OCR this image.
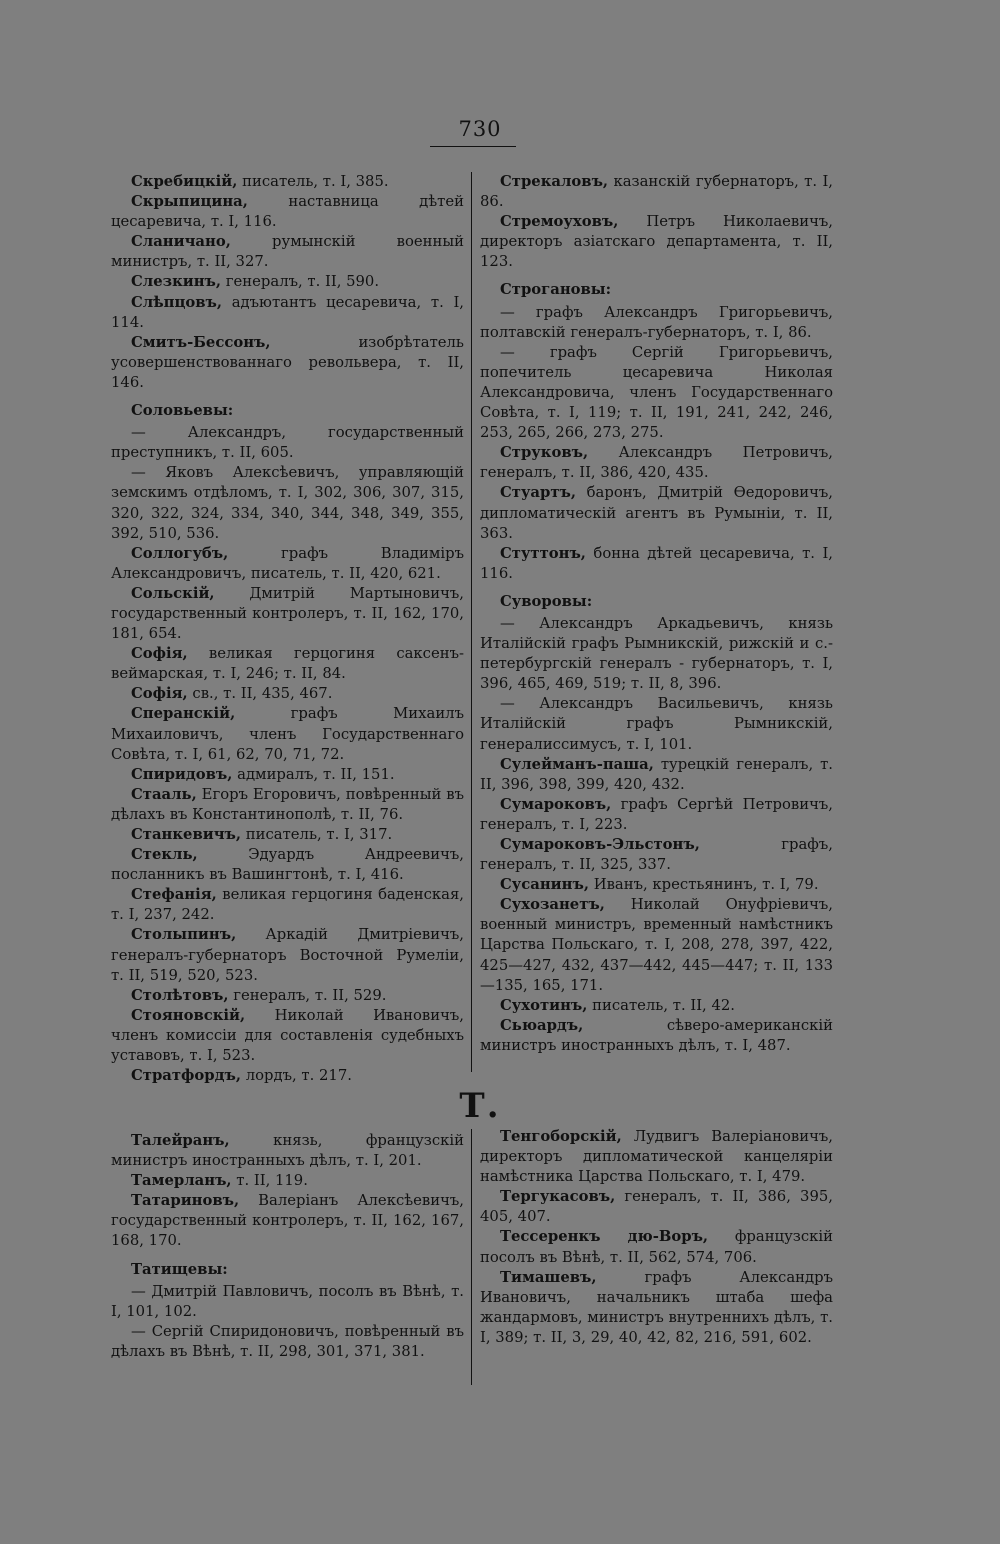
730

Скребицкій, писатель, т. I, 385.

Скрыпицина, наставница дѣтей цесаревича, т. I, 116.

Сланичано, румынскій военный министръ, т. II, 327.

Слезкинъ, генералъ, т. II, 590.

Слѣпцовъ, адъютантъ цесаревича, т. I, 114.

Смитъ-Бессонъ, изобрѣтатель усовершенствованнаго револьвера, т. II, 146.

Соловьевы:

— Александръ, государственный преступникъ, т. II, 605.

— Яковъ Алексѣевичъ, управляющій земскимъ отдѣломъ, т. I, 302, 306, 307, 315, 320, 322, 324, 334, 340, 344, 348, 349, 355, 392, 510, 536.

Соллогубъ, графъ Владиміръ Александровичъ, писатель, т. II, 420, 621.

Сольскій, Дмитрій Мартыновичъ, государственный контролеръ, т. II, 162, 170, 181, 654.

Софія, великая герцогиня саксенъ-веймарская, т. I, 246; т. II, 84.

Софія, св., т. II, 435, 467.

Сперанскій, графъ Михаилъ Михаиловичъ, членъ Государственнаго Совѣта, т. I, 61, 62, 70, 71, 72.

Спиридовъ, адмиралъ, т. II, 151.

Стааль, Егоръ Егоровичъ, повѣренный въ дѣлахъ въ Константинополѣ, т. II, 76.

Станкевичъ, писатель, т. I, 317.

Стекль, Эдуардъ Андреевичъ, посланникъ въ Вашингтонѣ, т. I, 416.

Стефанія, великая герцогиня баденская, т. I, 237, 242.

Столыпинъ, Аркадій Дмитріевичъ, генералъ-губернаторъ Восточной Румеліи, т. II, 519, 520, 523.

Столѣтовъ, генералъ, т. II, 529.

Стояновскій, Николай Ивановичъ, членъ комиссіи для составленія судебныхъ уставовъ, т. I, 523.

Стратфордъ, лордъ, т. 217.

Стрекаловъ, казанскій губернаторъ, т. I, 86.

Стремоуховъ, Петръ Николаевичъ, директоръ азіатскаго департамента, т. II, 123.

Строгановы:

— графъ Александръ Григорьевичъ, полтавскій генералъ-губернаторъ, т. I, 86.

— графъ Сергій Григорьевичъ, попечитель цесаревича Николая Александровича, членъ Государственнаго Совѣта, т. I, 119; т. II, 191, 241, 242, 246, 253, 265, 266, 273, 275.

Струковъ, Александръ Петровичъ, генералъ, т. II, 386, 420, 435.

Стуартъ, баронъ, Дмитрій Ѳедоровичъ, дипломатическій агентъ въ Румыніи, т. II, 363.

Стуттонъ, бонна дѣтей цесаревича, т. I, 116.

Суворовы:

— Александръ Аркадьевичъ, князь Италійскій графъ Рымникскій, рижскій и с.-петербургскій генералъ - губернаторъ, т. I, 396, 465, 469, 519; т. II, 8, 396.

— Александръ Васильевичъ, князь Италійскій графъ Рымникскій, генералиссимусъ, т. I, 101.

Сулейманъ-паша, турецкій генералъ, т. II, 396, 398, 399, 420, 432.

Сумароковъ, графъ Сергѣй Петровичъ, генералъ, т. I, 223.

Сумароковъ-Эльстонъ, графъ, генералъ, т. II, 325, 337.

Сусанинъ, Иванъ, крестьянинъ, т. I, 79.

Сухозанетъ, Николай Онуфріевичъ, военный министръ, временный намѣстникъ Царства Польскаго, т. I, 208, 278, 397, 422, 425—427, 432, 437—442, 445—447; т. II, 133—135, 165, 171.

Сухотинъ, писатель, т. II, 42.

Сьюардъ, сѣверо-американскій министръ иностранныхъ дѣлъ, т. I, 487.

Т.

Талейранъ, князь, французскій министръ иностранныхъ дѣлъ, т. I, 201.

Тамерланъ, т. II, 119.

Татариновъ, Валеріанъ Алексѣевичъ, государственный контролеръ, т. II, 162, 167, 168, 170.

Татищевы:

— Дмитрій Павловичъ, посолъ въ Вѣнѣ, т. I, 101, 102.

— Сергій Спиридоновичъ, повѣренный въ дѣлахъ въ Вѣнѣ, т. II, 298, 301, 371, 381.

Тенгоборскій, Лудвигъ Валеріановичъ, директоръ дипломатической канцеляріи намѣстника Царства Польскаго, т. I, 479.

Тергукасовъ, генералъ, т. II, 386, 395, 405, 407.

Тессеренкъ дю-Воръ, французскій посолъ въ Вѣнѣ, т. II, 562, 574, 706.

Тимашевъ, графъ Александръ Ивановичъ, начальникъ штаба шефа жандармовъ, министръ внутреннихъ дѣлъ, т. I, 389; т. II, 3, 29, 40, 42, 82, 216, 591, 602.
